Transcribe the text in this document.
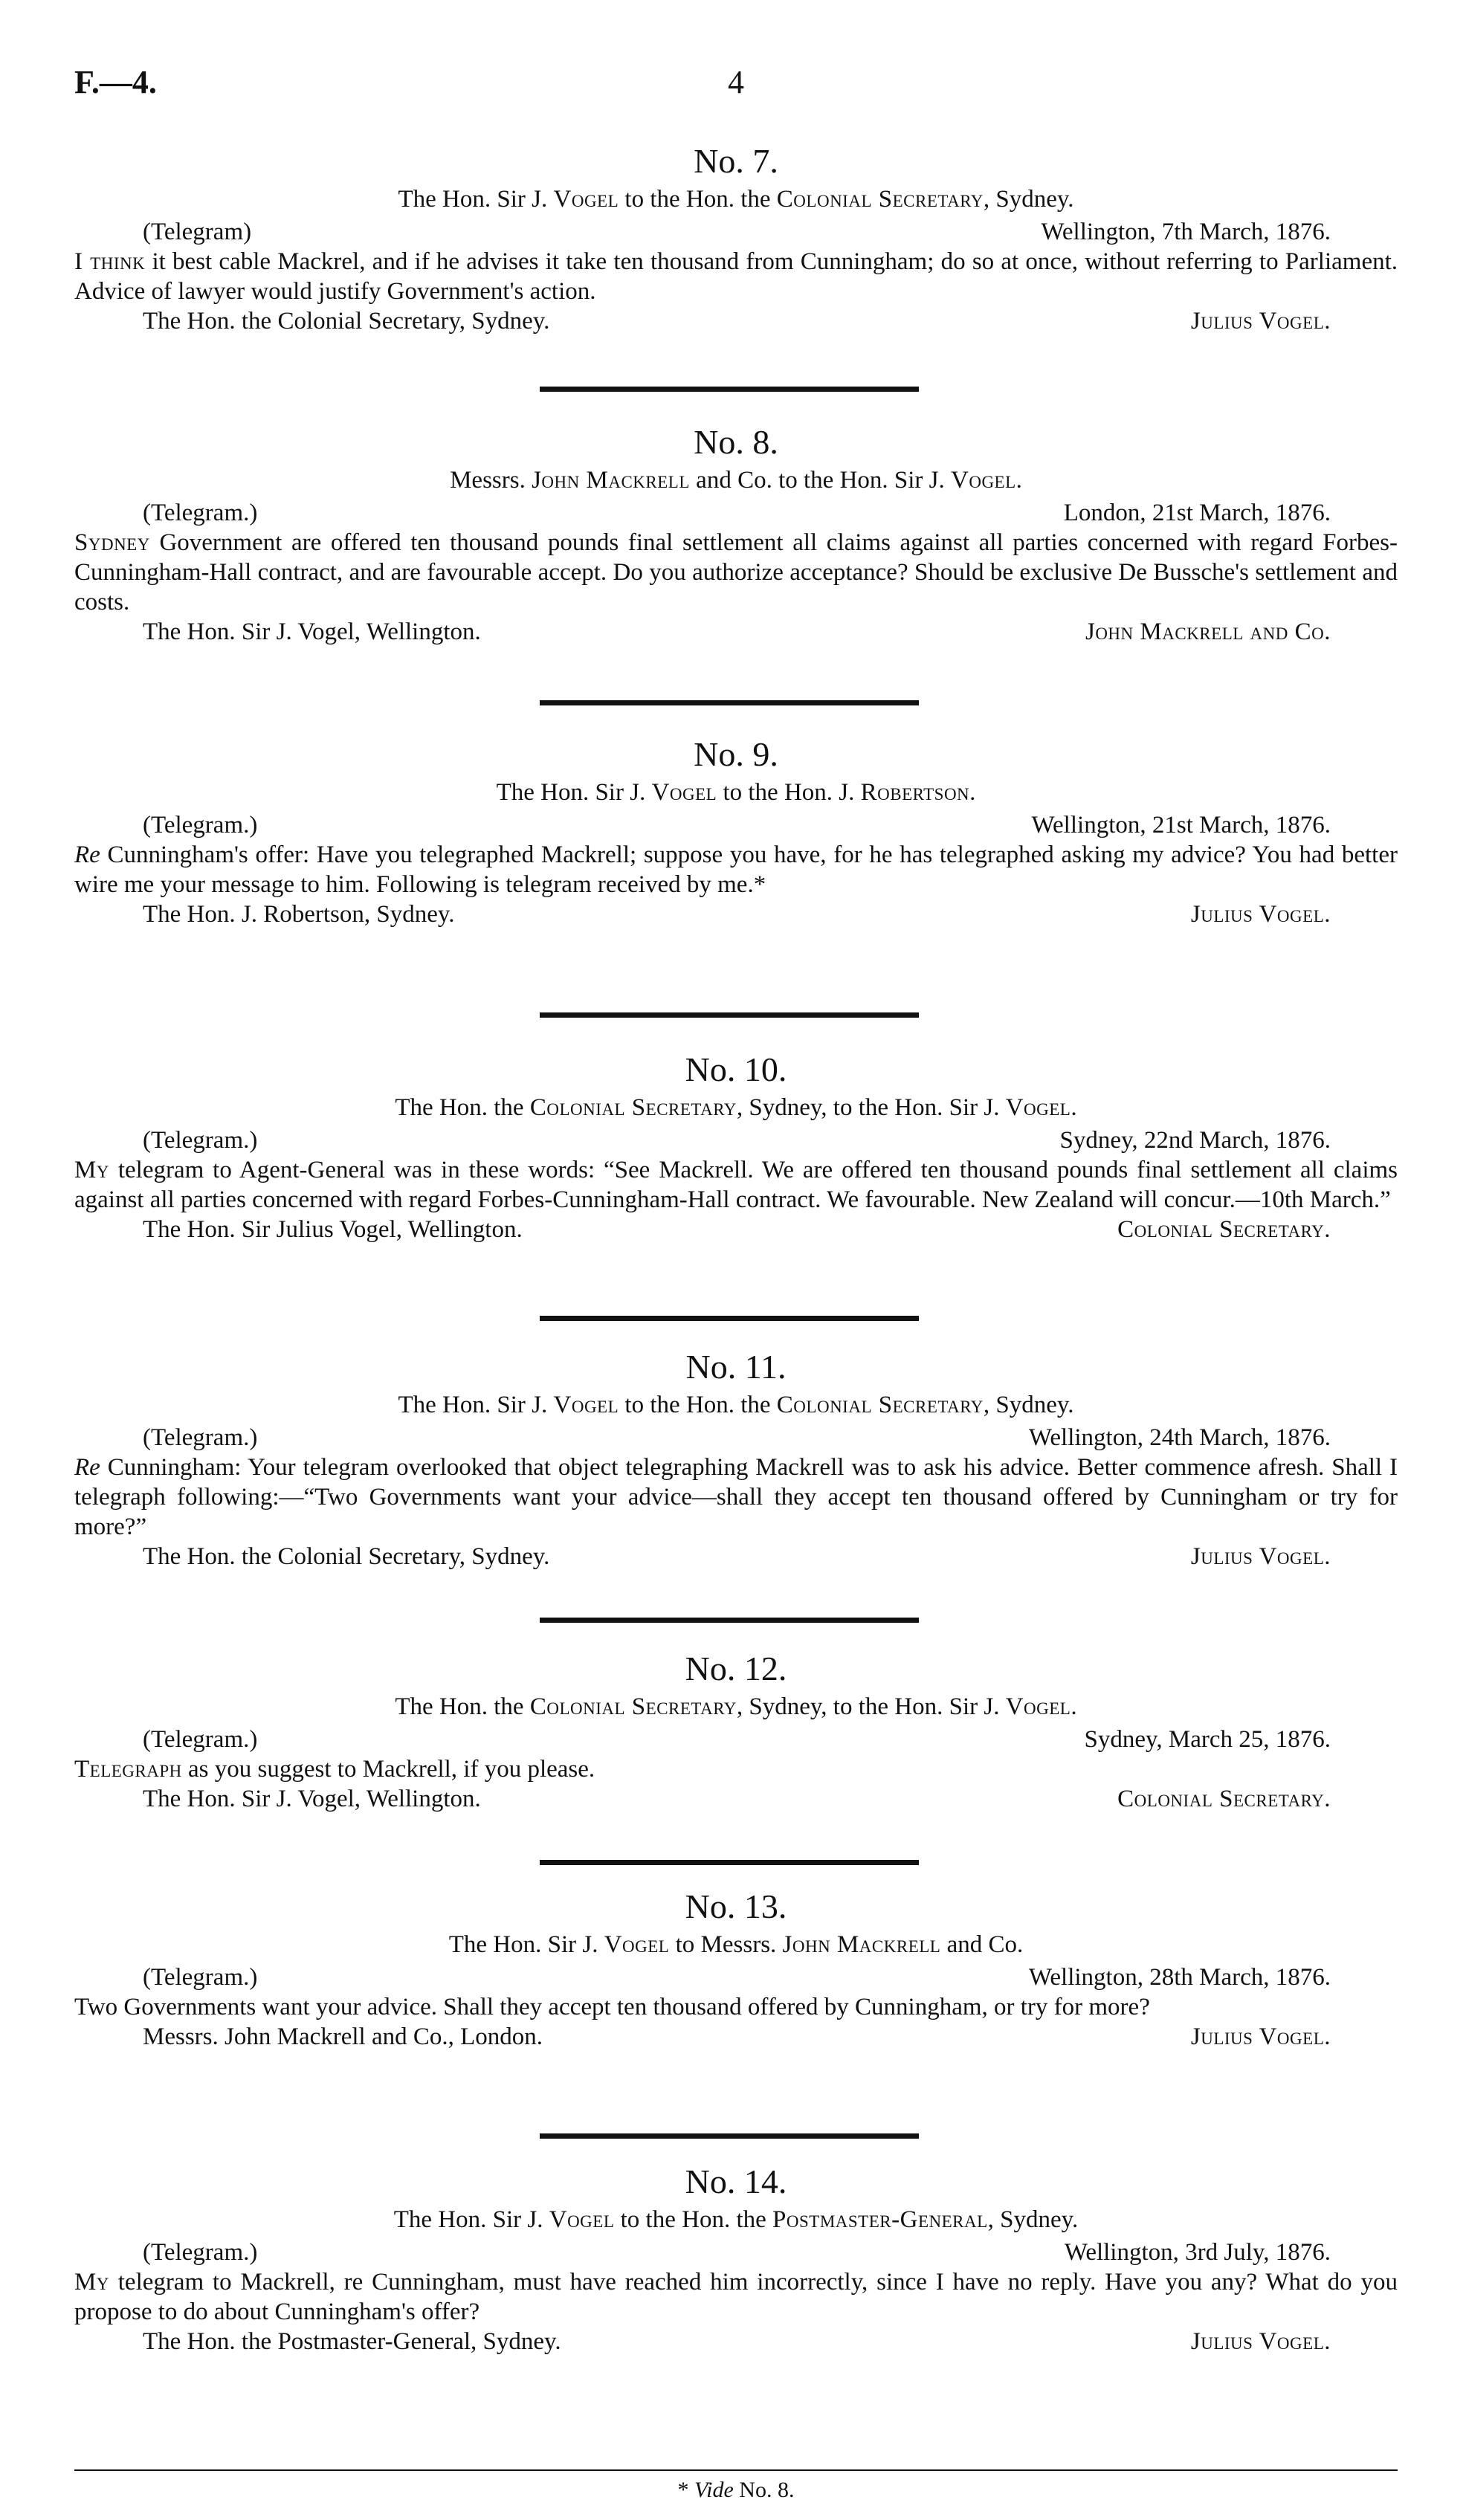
F.—4.	4
No. 7.
The Hon. Sir J. Vogel to the Hon. the Colonial Secretary, Sydney.
(Telegram)	Wellington, 7th March, 1876.
I think it best cable Mackrel, and if he advises it take ten thousand from Cunningham; do so at once, without referring to Parliament. Advice of lawyer would justify Government's action.
The Hon. the Colonial Secretary, Sydney.	Julius Vogel.
No. 8.
Messrs. John Mackrell and Co. to the Hon. Sir J. Vogel.
(Telegram.)	London, 21st March, 1876.
Sydney Government are offered ten thousand pounds final settlement all claims against all parties concerned with regard Forbes-Cunningham-Hall contract, and are favourable accept. Do you authorize acceptance? Should be exclusive De Bussche's settlement and costs.
The Hon. Sir J. Vogel, Wellington.	John Mackrell and Co.
No. 9.
The Hon. Sir J. Vogel to the Hon. J. Robertson.
(Telegram.)	Wellington, 21st March, 1876.
Re Cunningham's offer: Have you telegraphed Mackrell; suppose you have, for he has telegraphed asking my advice? You had better wire me your message to him. Following is telegram received by me.*
The Hon. J. Robertson, Sydney.	Julius Vogel.
No. 10.
The Hon. the Colonial Secretary, Sydney, to the Hon. Sir J. Vogel.
(Telegram.)	Sydney, 22nd March, 1876.
My telegram to Agent-General was in these words: “See Mackrell. We are offered ten thousand pounds final settlement all claims against all parties concerned with regard Forbes-Cunningham-Hall contract. We favourable. New Zealand will concur.—10th March.”
The Hon. Sir Julius Vogel, Wellington.	Colonial Secretary.
No. 11.
The Hon. Sir J. Vogel to the Hon. the Colonial Secretary, Sydney.
(Telegram.)	Wellington, 24th March, 1876.
Re Cunningham: Your telegram overlooked that object telegraphing Mackrell was to ask his advice. Better commence afresh. Shall I telegraph following:—“Two Governments want your advice—shall they accept ten thousand offered by Cunningham or try for more?”
The Hon. the Colonial Secretary, Sydney.	Julius Vogel.
No. 12.
The Hon. the Colonial Secretary, Sydney, to the Hon. Sir J. Vogel.
(Telegram.)	Sydney, March 25, 1876.
Telegraph as you suggest to Mackrell, if you please.
The Hon. Sir J. Vogel, Wellington.	Colonial Secretary.
No. 13.
The Hon. Sir J. Vogel to Messrs. John Mackrell and Co.
(Telegram.)	Wellington, 28th March, 1876.
Two Governments want your advice. Shall they accept ten thousand offered by Cunningham, or try for more?
Messrs. John Mackrell and Co., London.	Julius Vogel.
No. 14.
The Hon. Sir J. Vogel to the Hon. the Postmaster-General, Sydney.
(Telegram.)	Wellington, 3rd July, 1876.
My telegram to Mackrell, re Cunningham, must have reached him incorrectly, since I have no reply. Have you any? What do you propose to do about Cunningham's offer?
The Hon. the Postmaster-General, Sydney.	Julius Vogel.
* Vide No. 8.
